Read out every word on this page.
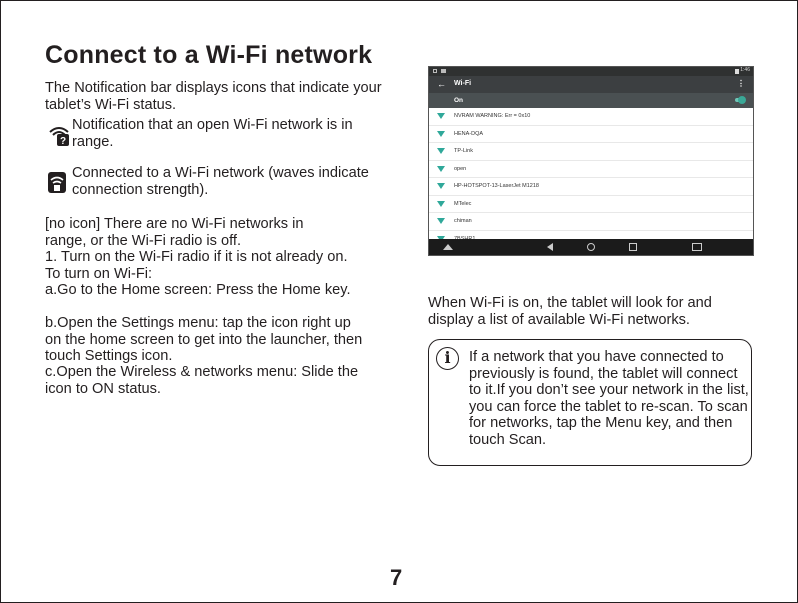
Connect to a Wi-Fi network

The Notification bar displays icons that indicate your tablet’s Wi-Fi status.

?

Notification that an open Wi-Fi network is in range.

Connected to a Wi-Fi network (waves indicate connection strength).

[no icon] There are no Wi-Fi networks in range, or the Wi-Fi radio is off.

1. Turn on the Wi-Fi radio if it is not already on. To turn on Wi-Fi:

a.Go to the Home screen: Press the Home key.

b.Open the Settings menu: tap the icon right up on the home screen to get into the launcher, then touch Settings icon.

c.Open the Wireless & networks menu: Slide the icon to ON status.

1:46
← Wi-Fi	⋮
On
NVRAM WARNING: Err = 0x10
HENA-DQA
TP-Link
open
HP-HOTSPOT-13-LaserJet M1218
MTelec
chiman

When Wi-Fi is on, the tablet will look for and display a list of available Wi-Fi networks.

i	If a network that you have connected to previously is found, the tablet will connect to it.If you don’t see your network in the list, you can force the tablet to re-scan. To scan for networks, tap the Menu key, and then touch Scan.

7
